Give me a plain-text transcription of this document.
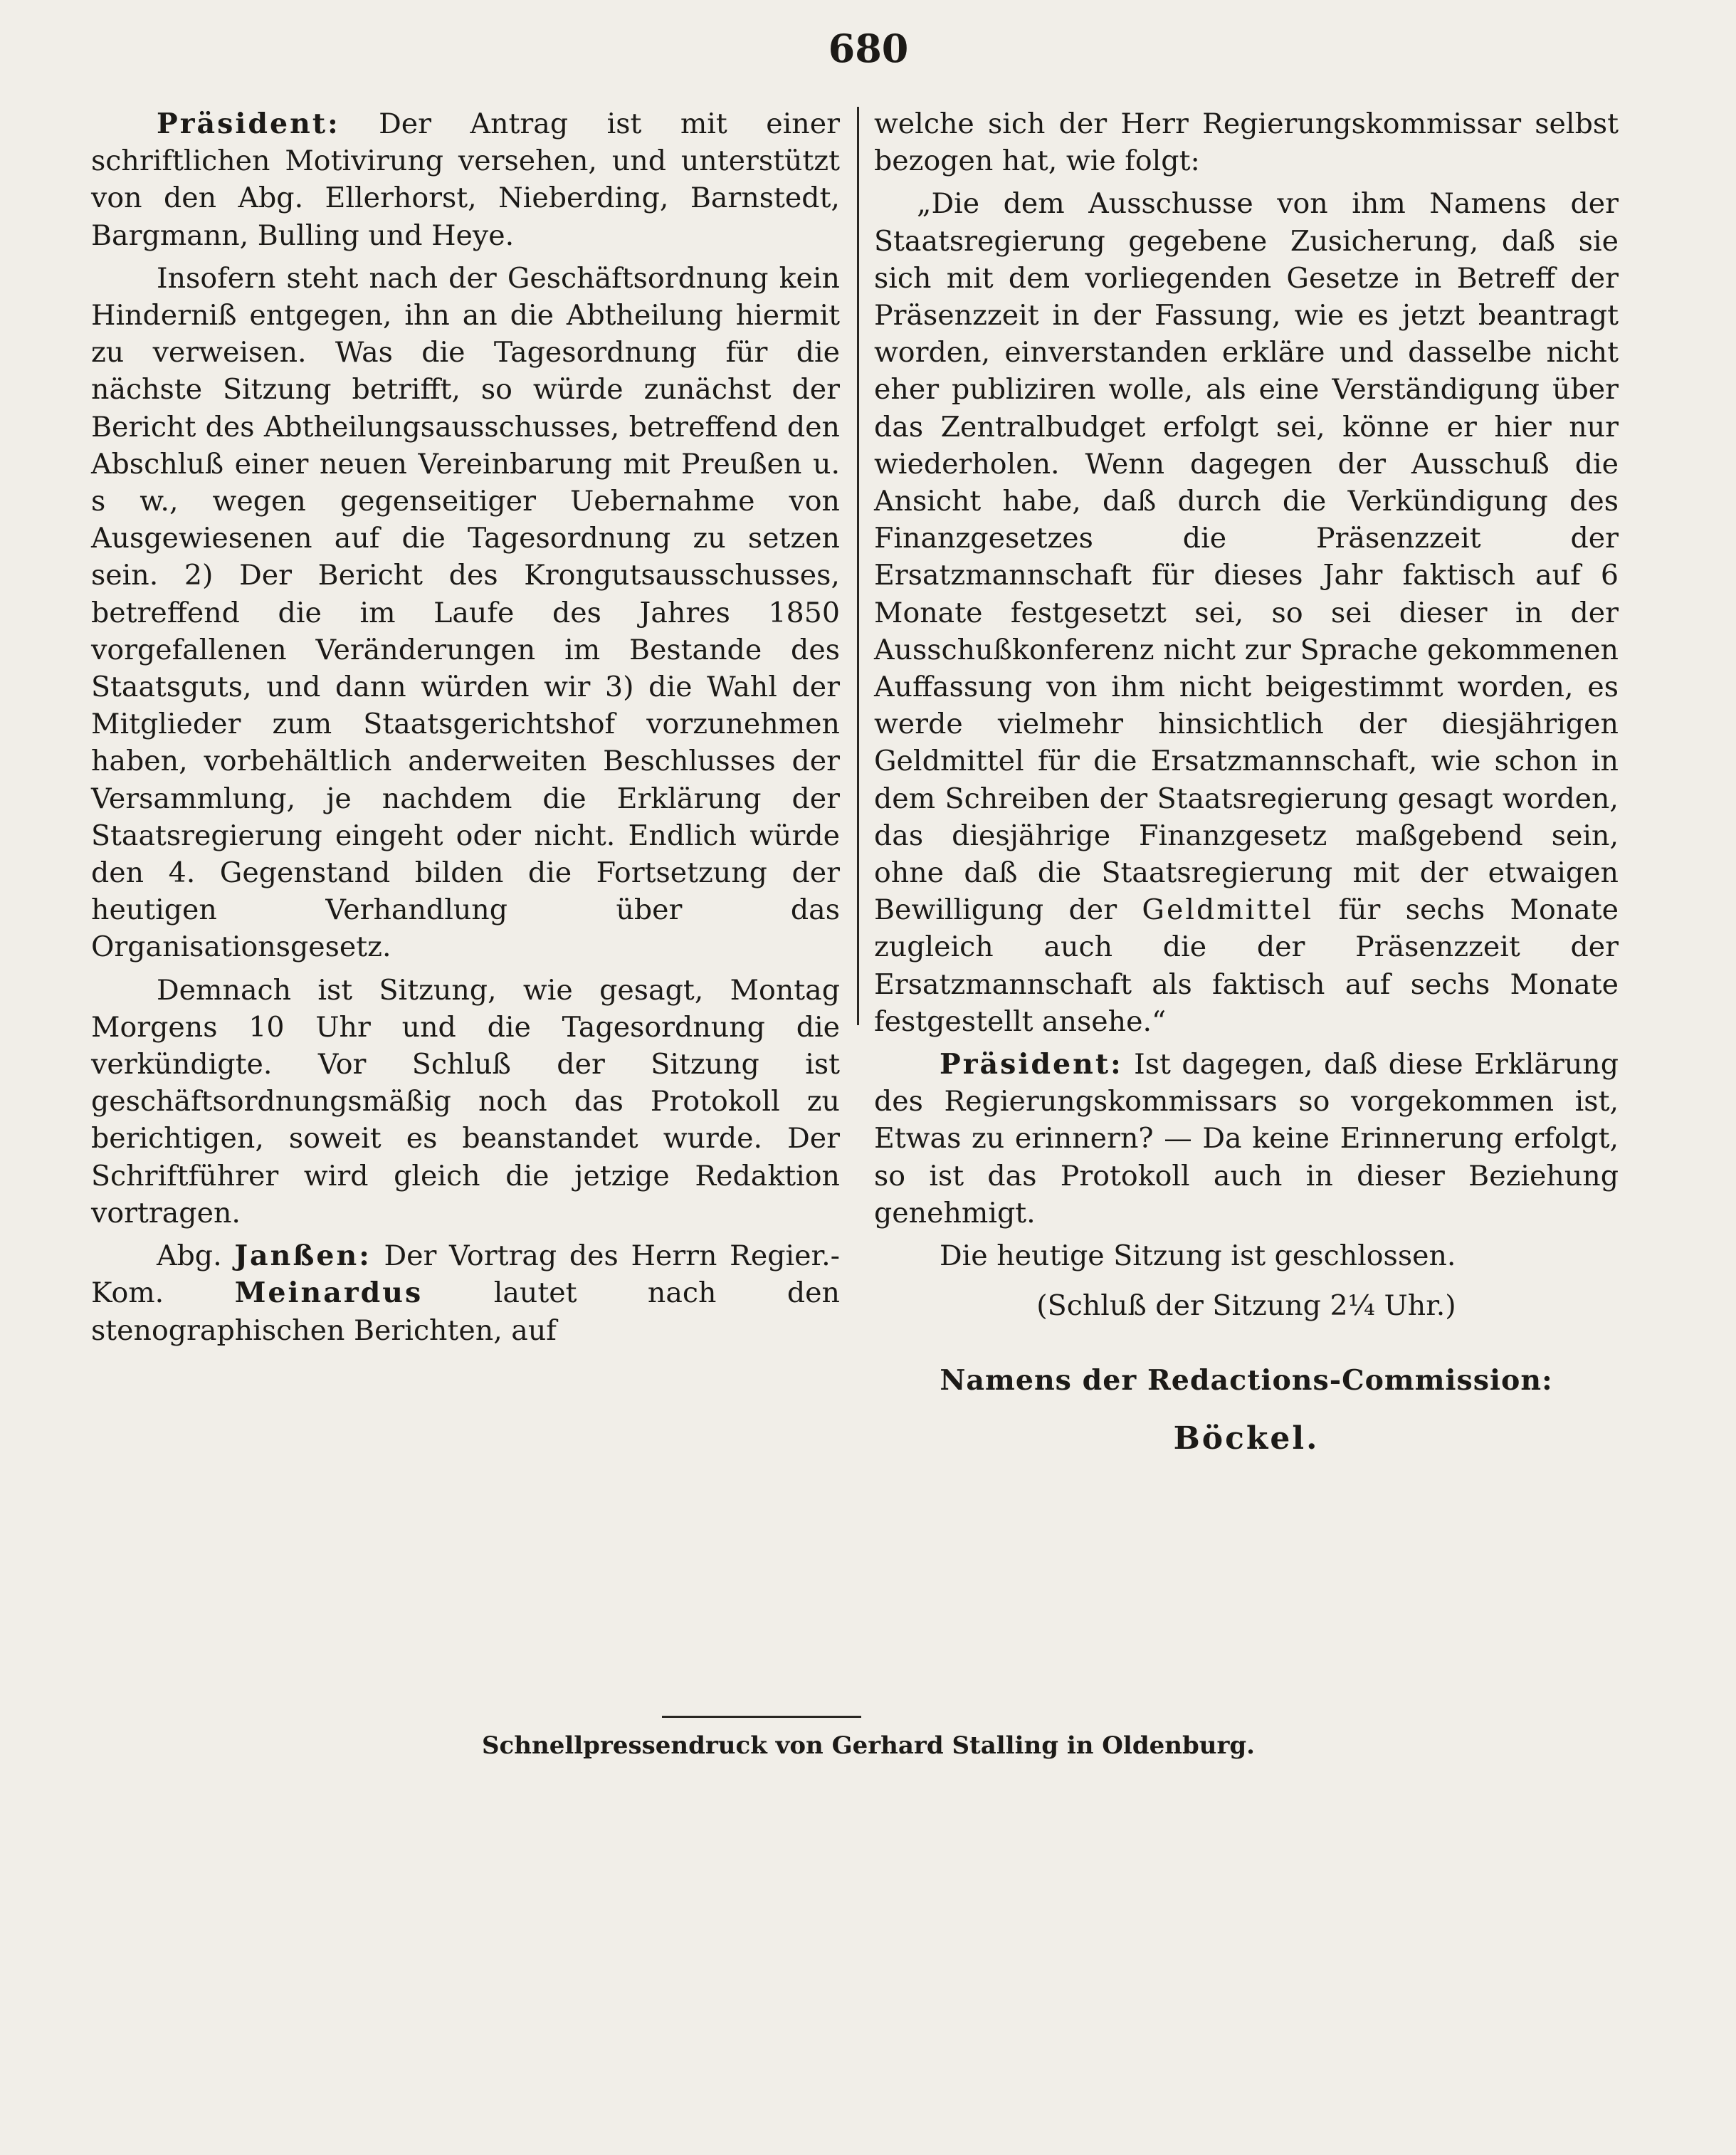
680

Präsident: Der Antrag ist mit einer schriftlichen Motivirung versehen, und unterstützt von den Abg. Ellerhorst, Nieberding, Barnstedt, Bargmann, Bulling und Heye.

Insofern steht nach der Geschäftsordnung kein Hinderniß entgegen, ihn an die Abtheilung hiermit zu verweisen. Was die Tagesordnung für die nächste Sitzung betrifft, so würde zunächst der Bericht des Abtheilungsausschusses, betreffend den Abschluß einer neuen Vereinbarung mit Preußen u. s w., wegen gegenseitiger Uebernahme von Ausgewiesenen auf die Tagesordnung zu setzen sein. 2) Der Bericht des Krongutsausschusses, betreffend die im Laufe des Jahres 1850 vorgefallenen Veränderungen im Bestande des Staatsguts, und dann würden wir 3) die Wahl der Mitglieder zum Staatsgerichtshof vorzunehmen haben, vorbehältlich anderweiten Beschlusses der Versammlung, je nachdem die Erklärung der Staatsregierung eingeht oder nicht. Endlich würde den 4. Gegenstand bilden die Fortsetzung der heutigen Verhandlung über das Organisationsgesetz.

Demnach ist Sitzung, wie gesagt, Montag Morgens 10 Uhr und die Tagesordnung die verkündigte. Vor Schluß der Sitzung ist geschäftsordnungsmäßig noch das Protokoll zu berichtigen, soweit es beanstandet wurde. Der Schriftführer wird gleich die jetzige Redaktion vortragen.

Abg. Janßen: Der Vortrag des Herrn Regier.-Kom. Meinardus lautet nach den stenographischen Berichten, auf

welche sich der Herr Regierungskommissar selbst bezogen hat, wie folgt:

„Die dem Ausschusse von ihm Namens der Staatsregierung gegebene Zusicherung, daß sie sich mit dem vorliegenden Gesetze in Betreff der Präsenzzeit in der Fassung, wie es jetzt beantragt worden, einverstanden erkläre und dasselbe nicht eher publiziren wolle, als eine Verständigung über das Zentralbudget erfolgt sei, könne er hier nur wiederholen. Wenn dagegen der Ausschuß die Ansicht habe, daß durch die Verkündigung des Finanzgesetzes die Präsenzzeit der Ersatzmannschaft für dieses Jahr faktisch auf 6 Monate festgesetzt sei, so sei dieser in der Ausschußkonferenz nicht zur Sprache gekommenen Auffassung von ihm nicht beigestimmt worden, es werde vielmehr hinsichtlich der diesjährigen Geldmittel für die Ersatzmannschaft, wie schon in dem Schreiben der Staatsregierung gesagt worden, das diesjährige Finanzgesetz maßgebend sein, ohne daß die Staatsregierung mit der etwaigen Bewilligung der Geldmittel für sechs Monate zugleich auch die der Präsenzzeit der Ersatzmannschaft als faktisch auf sechs Monate festgestellt ansehe.“

Präsident: Ist dagegen, daß diese Erklärung des Regierungskommissars so vorgekommen ist, Etwas zu erinnern? — Da keine Erinnerung erfolgt, so ist das Protokoll auch in dieser Beziehung genehmigt.

Die heutige Sitzung ist geschlossen.

(Schluß der Sitzung 2¼ Uhr.)

Namens der Redactions-Commission:

Böckel.

Schnellpressendruck von Gerhard Stalling in Oldenburg.
